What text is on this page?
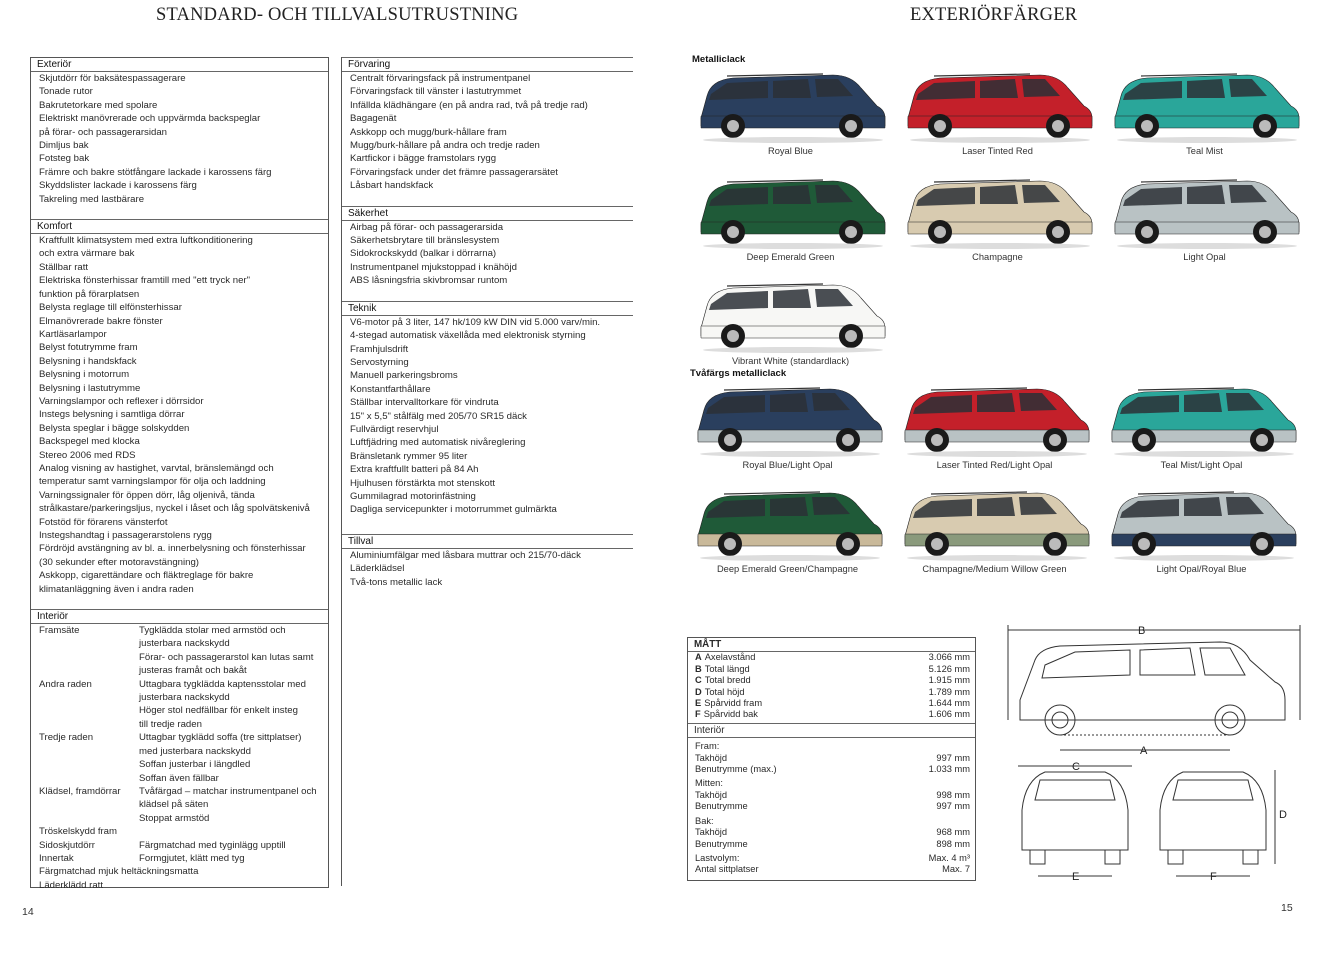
STANDARD- OCH TILLVALSUTRUSTNING	EXTERIÖRFÄRGER
Exteriör
Skjutdörr för baksätespassagerare
Tonade rutor
Bakrutetorkare med spolare
Elektriskt manövrerade och uppvärmda backspeglar
på förar- och passagerarsidan
Dimljus bak
Fotsteg bak
Främre och bakre stötfångare lackade i karossens färg
Skyddslister lackade i karossens färg
Takreling med lastbärare
Komfort
Kraftfullt klimatsystem med extra luftkonditionering
och extra värmare bak
Ställbar ratt
Elektriska fönsterhissar framtill med "ett tryck ner"
funktion på förarplatsen
Belysta reglage till elfönsterhissar
Elmanövrerade bakre fönster
Kartläsarlampor
Belyst fotutrymme fram
Belysning i handskfack
Belysning i motorrum
Belysning i lastutrymme
Varningslampor och reflexer i dörrsidor
Instegs belysning i samtliga dörrar
Belysta speglar i bägge solskydden
Backspegel med klocka
Stereo 2006 med RDS
Analog visning av hastighet, varvtal, bränslemängd och
temperatur samt varningslampor för olja och laddning
Varningssignaler för öppen dörr, låg oljenivå, tända
strålkastare/parkeringsljus, nyckel i låset och låg spolvätskenivå
Fotstöd för förarens vänsterfot
Instegshandtag i passagerarstolens rygg
Fördröjd avstängning av bl. a. innerbelysning och fönsterhissar
(30 sekunder efter motoravstängning)
Askkopp, cigarettändare och fläktreglage för bakre
klimatanläggning även i andra raden
Interiör
Framsäte	Tygklädda stolar med armstöd och
justerbara nackskydd
Förar- och passagerarstol kan lutas samt
justeras framåt och bakåt
Andra raden	Uttagbara tygklädda kaptensstolar med
justerbara nackskydd
Höger stol nedfällbar för enkelt insteg
till tredje raden
Tredje raden	Uttagbar tygklädd soffa (tre sittplatser)
med justerbara nackskydd
Soffan justerbar i längdled
Soffan även fällbar
Klädsel, framdörrar	Tvåfärgad – matchar instrumentpanel och
klädsel på säten
Stoppat armstöd
Tröskelskydd fram
Sidoskjutdörr	Färgmatchad med tyginlägg upptill
Innertak	Formgjutet, klätt med tyg
Färgmatchad mjuk heltäckningsmatta
Läderklädd ratt
Förvaring
Centralt förvaringsfack på instrumentpanel
Förvaringsfack till vänster i lastutrymmet
Infällda klädhängare (en på andra rad, två på tredje rad)
Bagagenät
Askkopp och mugg/burk-hållare fram
Mugg/burk-hållare på andra och tredje raden
Kartfickor i bägge framstolars rygg
Förvaringsfack under det främre passagerarsätet
Låsbart handskfack
Säkerhet
Airbag på förar- och passagerarsida
Säkerhetsbrytare till bränslesystem
Sidokrockskydd (balkar i dörrarna)
Instrumentpanel mjukstoppad i knähöjd
ABS låsningsfria skivbromsar runtom
Teknik
V6-motor på 3 liter, 147 hk/109 kW DIN vid 5.000 varv/min.
4-stegad automatisk växellåda med elektronisk styrning
Framhjulsdrift
Servostyrning
Manuell parkeringsbroms
Konstantfarthållare
Ställbar intervalltorkare för vindruta
15" x 5,5" stålfälg med 205/70 SR15 däck
Fullvärdigt reservhjul
Luftfjädring med automatisk nivåreglering
Bränsletank rymmer 95 liter
Extra kraftfullt batteri på 84 Ah
Hjulhusen förstärkta mot stenskott
Gummilagrad motorinfästning
Dagliga servicepunkter i motorrummet gulmärkta
Tillval
Aluminiumfälgar med låsbara muttrar och 215/70-däck
Läderklädsel
Två-tons metallic lack
Metalliclack
Tvåfärgs metalliclack
Royal Blue	Laser Tinted Red	Teal Mist
Deep Emerald Green	Champagne	Light Opal
Vibrant White (standardlack)
Royal Blue/Light Opal	Laser Tinted Red/Light Opal	Teal Mist/Light Opal
Deep Emerald Green/Champagne	Champagne/Medium Willow Green	Light Opal/Royal Blue
MÅTT
A Axelavstånd	3.066 mm
B Total längd	5.126 mm
C Total bredd	1.915 mm
D Total höjd	1.789 mm
E Spårvidd fram	1.644 mm
F Spårvidd bak	1.606 mm
Interiör
Fram:
Takhöjd	997 mm
Benutrymme (max.)	1.033 mm
Mitten:
Takhöjd	998 mm
Benutrymme	997 mm
Bak:
Takhöjd	968 mm
Benutrymme	898 mm
Lastvolym:	Max. 4 m³
Antal sittplatser	Max. 7
B
A
C
D
E	F
14	15
